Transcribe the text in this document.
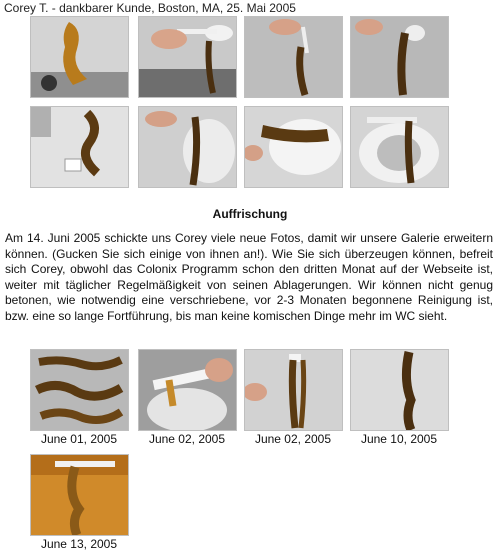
Corey T. - dankbarer Kunde, Boston, MA, 25. Mai 2005
Auffrischung
Am 14. Juni 2005 schickte uns Corey viele neue Fotos, damit wir unsere Galerie erweitern können. (Gucken Sie sich einige von ihnen an!). Wie Sie sich überzeugen können, befreit sich Corey, obwohl das Colonix Programm schon den dritten Monat auf der Webseite ist, weiter mit täglicher Regelmäßigkeit von seinen Ablagerungen. Wir können nicht genug betonen, wie notwendig eine verschriebene, vor 2-3 Monaten begonnene Reinigung ist, bzw. eine so lange Fortführung, bis man keine komischen Dinge mehr im WC sieht.
June 01, 2005	June 02, 2005	June 02, 2005	June 10, 2005
June 13, 2005
